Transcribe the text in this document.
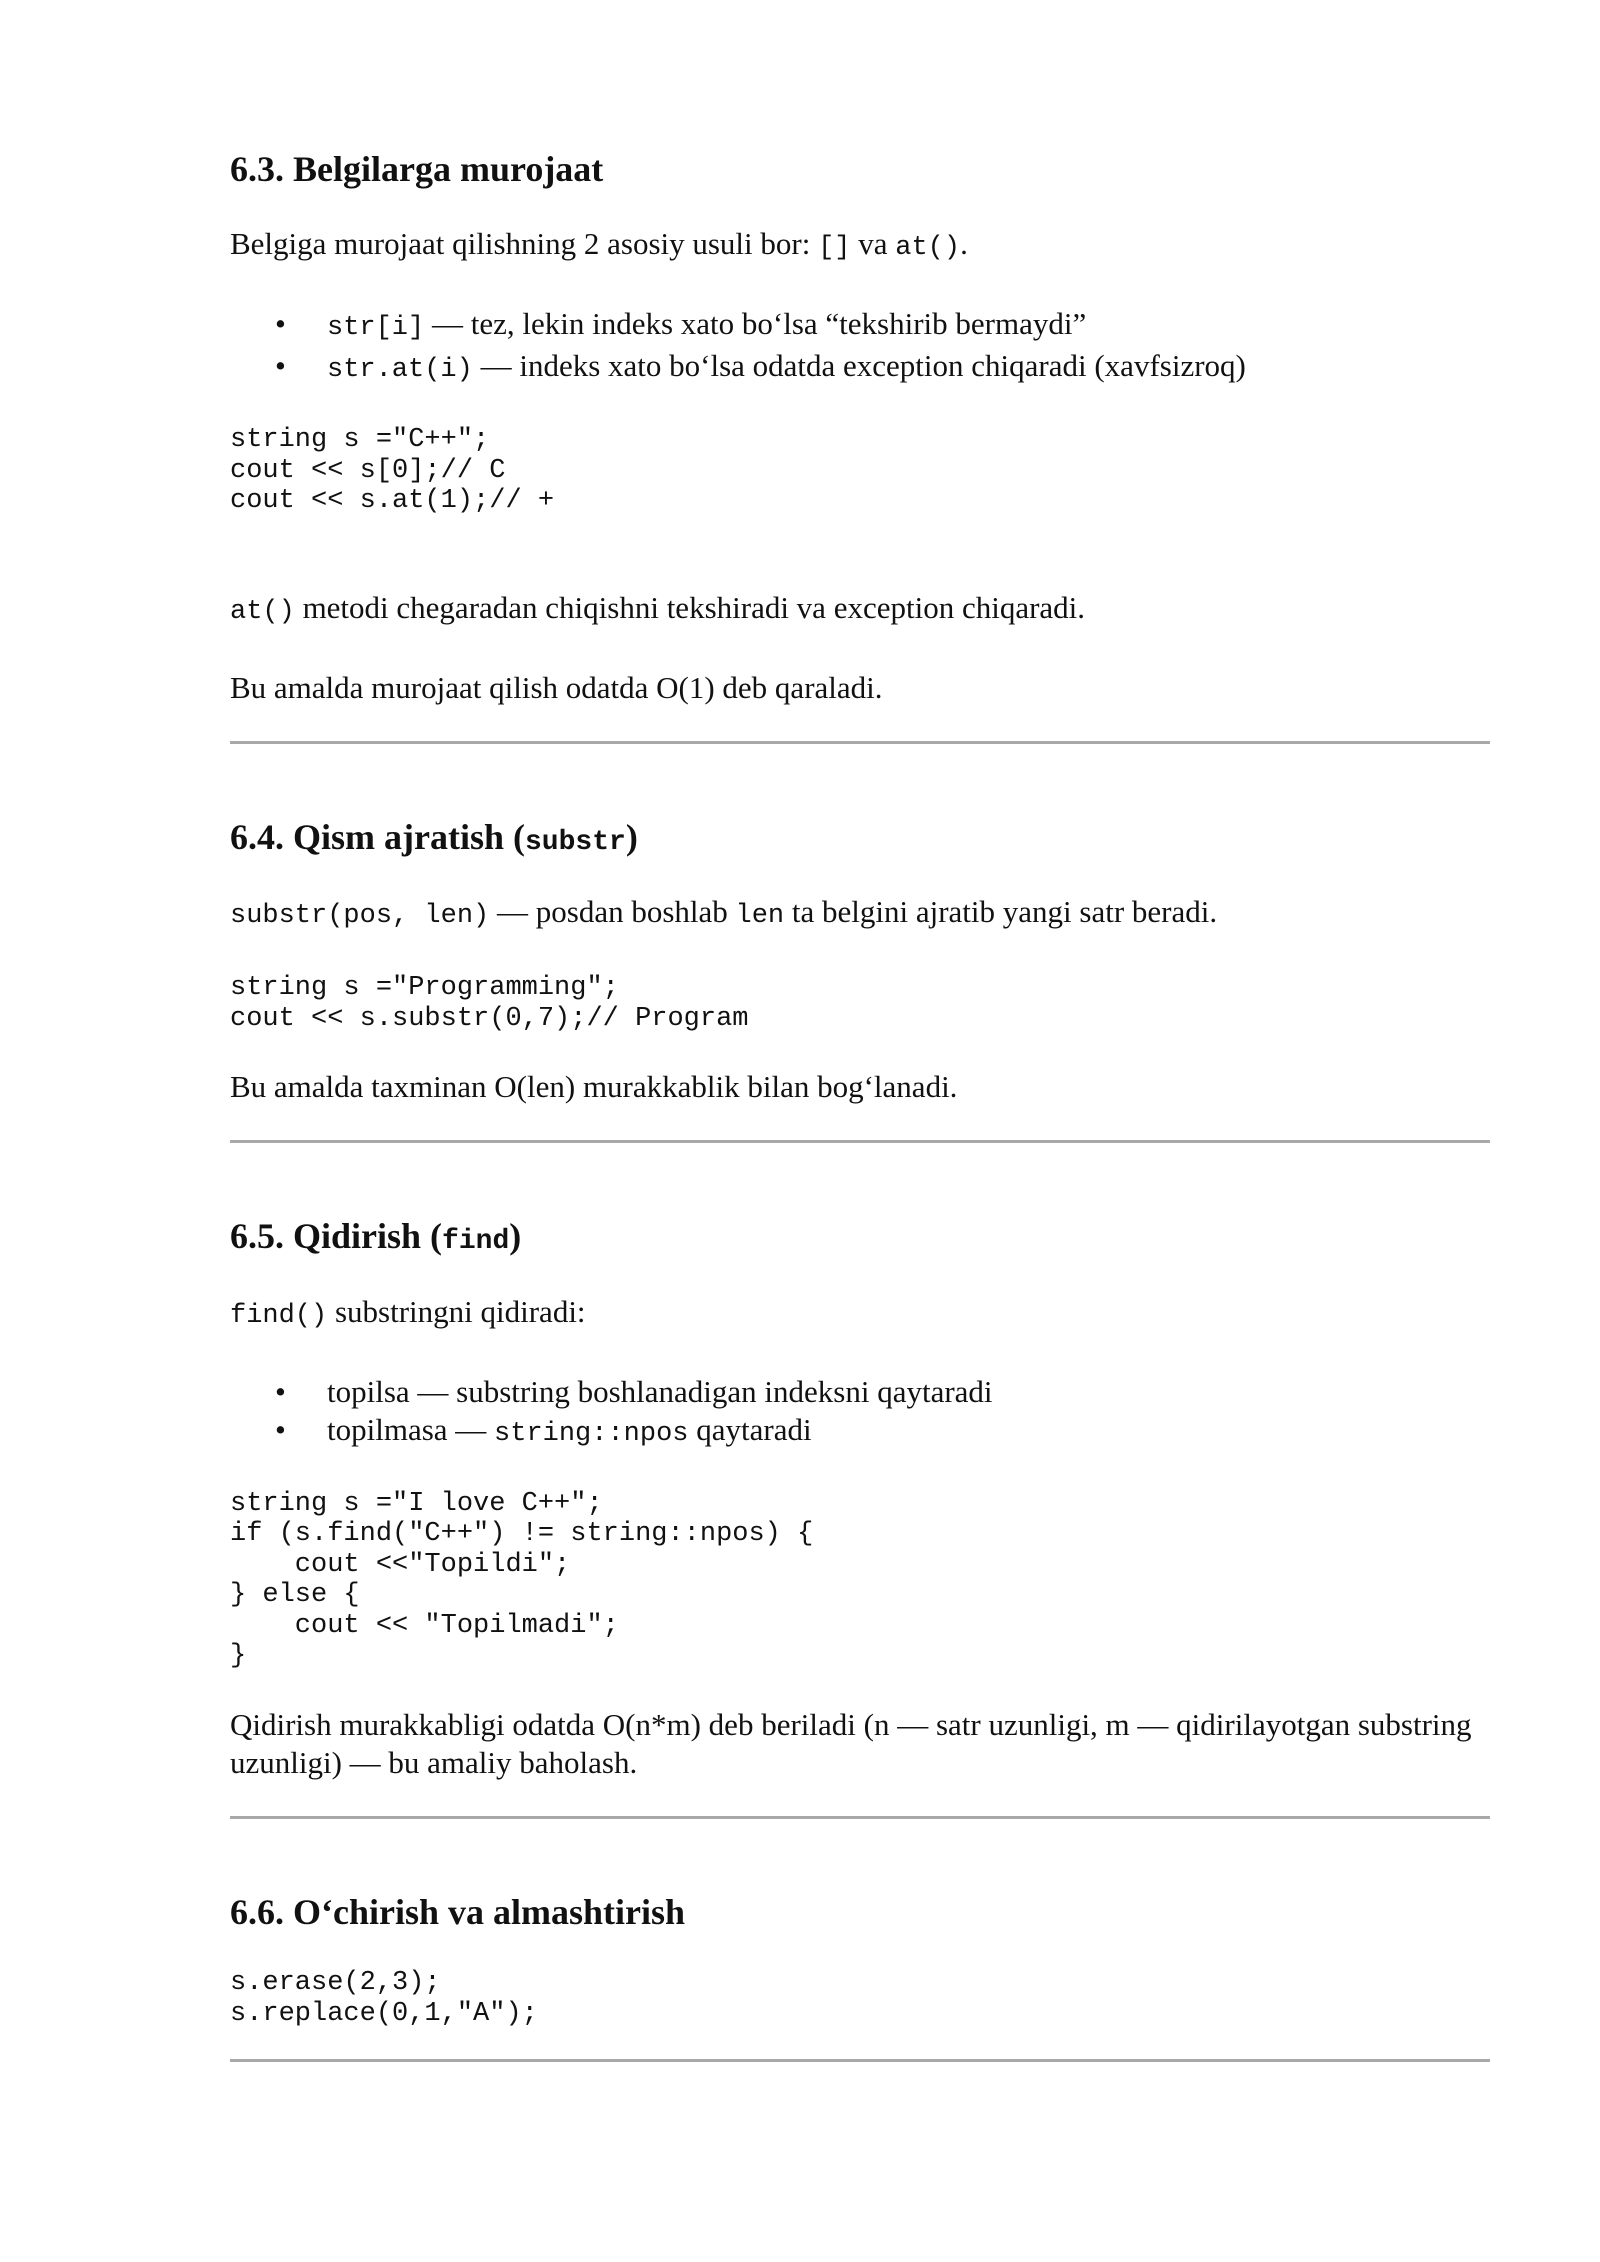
6.3. Belgilarga murojaat

Belgiga murojaat qilishning 2 asosiy usuli bor: [] va at().

• str[i] — tez, lekin indeks xato bo‘lsa “tekshirib bermaydi”
• str.at(i) — indeks xato bo‘lsa odatda exception chiqaradi (xavfsizroq)
string s ="C++";
cout << s[0];// C
cout << s.at(1);// +

at() metodi chegaradan chiqishni tekshiradi va exception chiqaradi.

Bu amalda murojaat qilish odatda O(1) deb qaraladi.

6.4. Qism ajratish (substr)

substr(pos, len) — posdan boshlab len ta belgini ajratib yangi satr beradi.

string s ="Programming";
cout << s.substr(0,7);// Program

Bu amalda taxminan O(len) murakkablik bilan bog‘lanadi.

6.5. Qidirish (find)

find() substringni qidiradi:

• topilsa — substring boshlanadigan indeksni qaytaradi
• topilmasa — string::npos qaytaradi
string s ="I love C++";
if (s.find("C++") != string::npos) {
cout <<"Topildi";
} else {
cout << "Topilmadi";
}

Qidirish murakkabligi odatda O(n*m) deb beriladi (n — satr uzunligi, m — qidirilayotgan substring uzunligi) — bu amaliy baholash.

6.6. O‘chirish va almashtirish
s.erase(2,3);
s.replace(0,1,"A");
